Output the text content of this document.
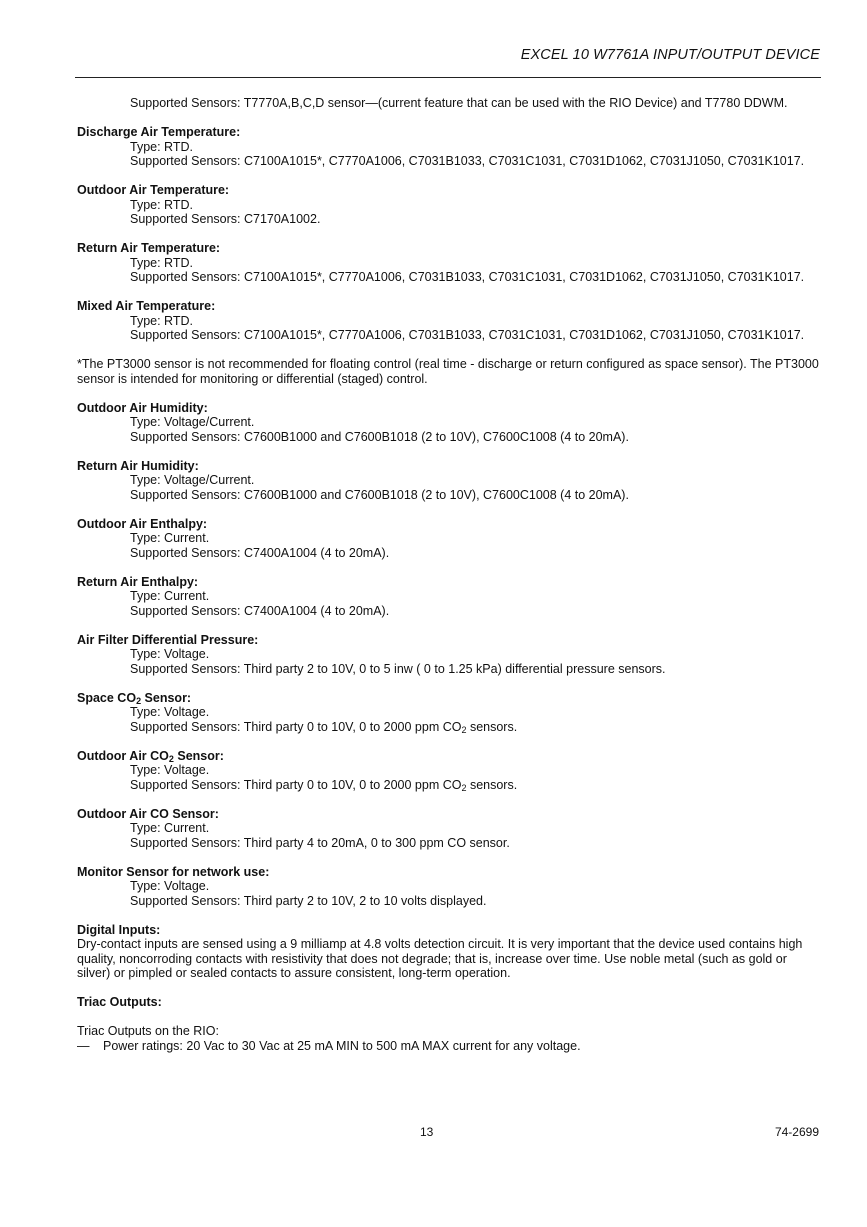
EXCEL 10 W7761A INPUT/OUTPUT DEVICE
Supported Sensors: T7770A,B,C,D sensor—(current feature that can be used with the RIO Device) and T7780 DDWM.
Discharge Air Temperature:
Type: RTD.
Supported Sensors: C7100A1015*, C7770A1006, C7031B1033, C7031C1031, C7031D1062, C7031J1050, C7031K1017.
Outdoor Air Temperature:
Type: RTD.
Supported Sensors: C7170A1002.
Return Air Temperature:
Type: RTD.
Supported Sensors: C7100A1015*, C7770A1006, C7031B1033, C7031C1031, C7031D1062, C7031J1050, C7031K1017.
Mixed Air Temperature:
Type: RTD.
Supported Sensors: C7100A1015*, C7770A1006, C7031B1033, C7031C1031, C7031D1062, C7031J1050, C7031K1017.
*The PT3000 sensor is not recommended for floating control (real time - discharge or return configured as space sensor). The PT3000 sensor is intended for monitoring or differential (staged) control.
Outdoor Air Humidity:
Type: Voltage/Current.
Supported Sensors: C7600B1000 and C7600B1018 (2 to 10V), C7600C1008 (4 to 20mA).
Return Air Humidity:
Type: Voltage/Current.
Supported Sensors: C7600B1000 and C7600B1018 (2 to 10V), C7600C1008 (4 to 20mA).
Outdoor Air Enthalpy:
Type: Current.
Supported Sensors: C7400A1004 (4 to 20mA).
Return Air Enthalpy:
Type: Current.
Supported Sensors: C7400A1004 (4 to 20mA).
Air Filter Differential Pressure:
Type: Voltage.
Supported Sensors: Third party 2 to 10V, 0 to 5 inw ( 0 to 1.25 kPa) differential pressure sensors.
Space $CO_2$ Sensor:
Type: Voltage.
Supported Sensors: Third party 0 to 10V, 0 to 2000 ppm $CO_2$ sensors.
Outdoor Air $CO_2$ Sensor:
Type: Voltage.
Supported Sensors: Third party 0 to 10V, 0 to 2000 ppm $CO_2$ sensors.
Outdoor Air CO Sensor:
Type: Current.
Supported Sensors: Third party 4 to 20mA, 0 to 300 ppm CO sensor.
Monitor Sensor for network use:
Type: Voltage.
Supported Sensors: Third party 2 to 10V, 2 to 10 volts displayed.
Digital Inputs:
Dry-contact inputs are sensed using a 9 milliamp at 4.8 volts detection circuit. It is very important that the device used contains high quality, noncorroding contacts with resistivity that does not degrade; that is, increase over time. Use noble metal (such as gold or silver) or pimpled or sealed contacts to assure consistent, long-term operation.
Triac Outputs:
Triac Outputs on the RIO:
—	Power ratings: 20 Vac to 30 Vac at 25 mA MIN to 500 mA MAX current for any voltage.
13	74-2699
